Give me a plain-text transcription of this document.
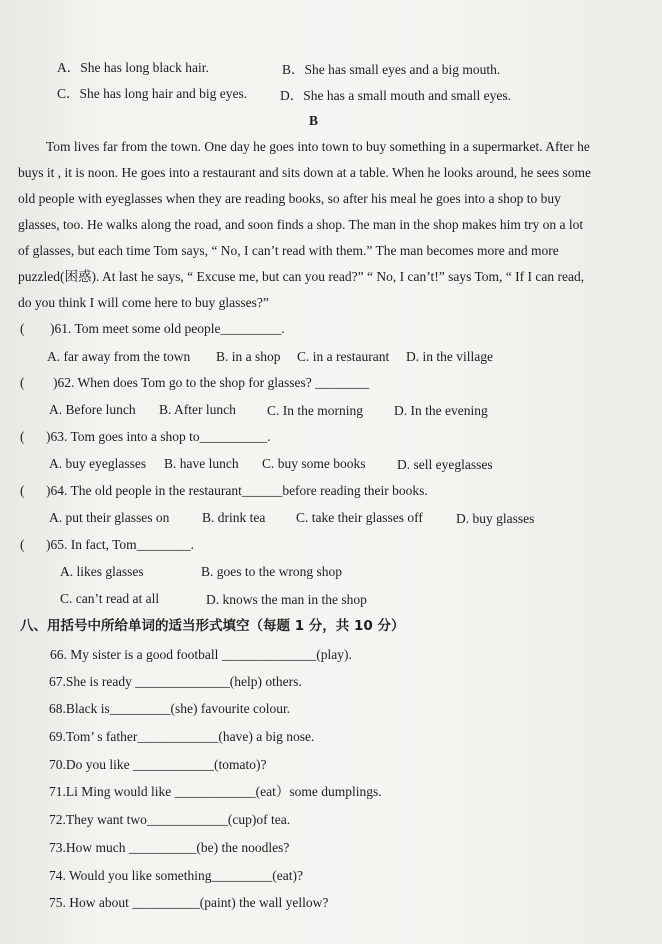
A．She has long black hair.	B．She has small eyes and a big mouth.
C．She has long hair and big eyes. D．She has a small mouth and small eyes.
B
Tom lives far from the town. One day he goes into town to buy something in a supermarket. After he
buys it , it is noon. He goes into a restaurant and sits down at a table. When he looks around, he sees some
old people with eyeglasses when they are reading books, so after his meal he goes into a shop to buy
glasses, too. He walks along the road, and soon finds a shop. The man in the shop makes him try on a lot
of glasses, but each time Tom says, “ No, I can’t read with them.” The man becomes more and more
puzzled(困惑). At last he says, “ Excuse me, but can you read?” “ No, I can’t!” says Tom, “ If I can read,
do you think I will come here to buy glasses?”
( )61. Tom meet some old people_________.
A. far away from the town B. in a shop C. in a restaurant D. in the village
( )62. When does Tom go to the shop for glasses? ________
A. Before lunch B. After lunch C. In the morning D. In the evening
( )63. Tom goes into a shop to__________.
A. buy eyeglasses B. have lunch C. buy some books D. sell eyeglasses
( )64. The old people in the restaurant______before reading their books.
A. put their glasses on B. drink tea C. take their glasses off D. buy glasses
( )65. In fact, Tom________.
A. likes glasses	B. goes to the wrong shop
C. can’t read at all	D. knows the man in the shop
八、用括号中所给单词的适当形式填空（每题 1 分，共 10 分）
66. My sister is a good football ______________(play).
67.She is ready ______________(help) others.
68.Black is_________(she) favourite colour.
69.Tom’ s father____________(have) a big nose.
70.Do you like ____________(tomato)?
71.Li Ming would like ____________(eat）some dumplings.
72.They want two____________(cup)of tea.
73.How much __________(be) the noodles?
74. Would you like something_________(eat)?
75. How about __________(paint) the wall yellow?
